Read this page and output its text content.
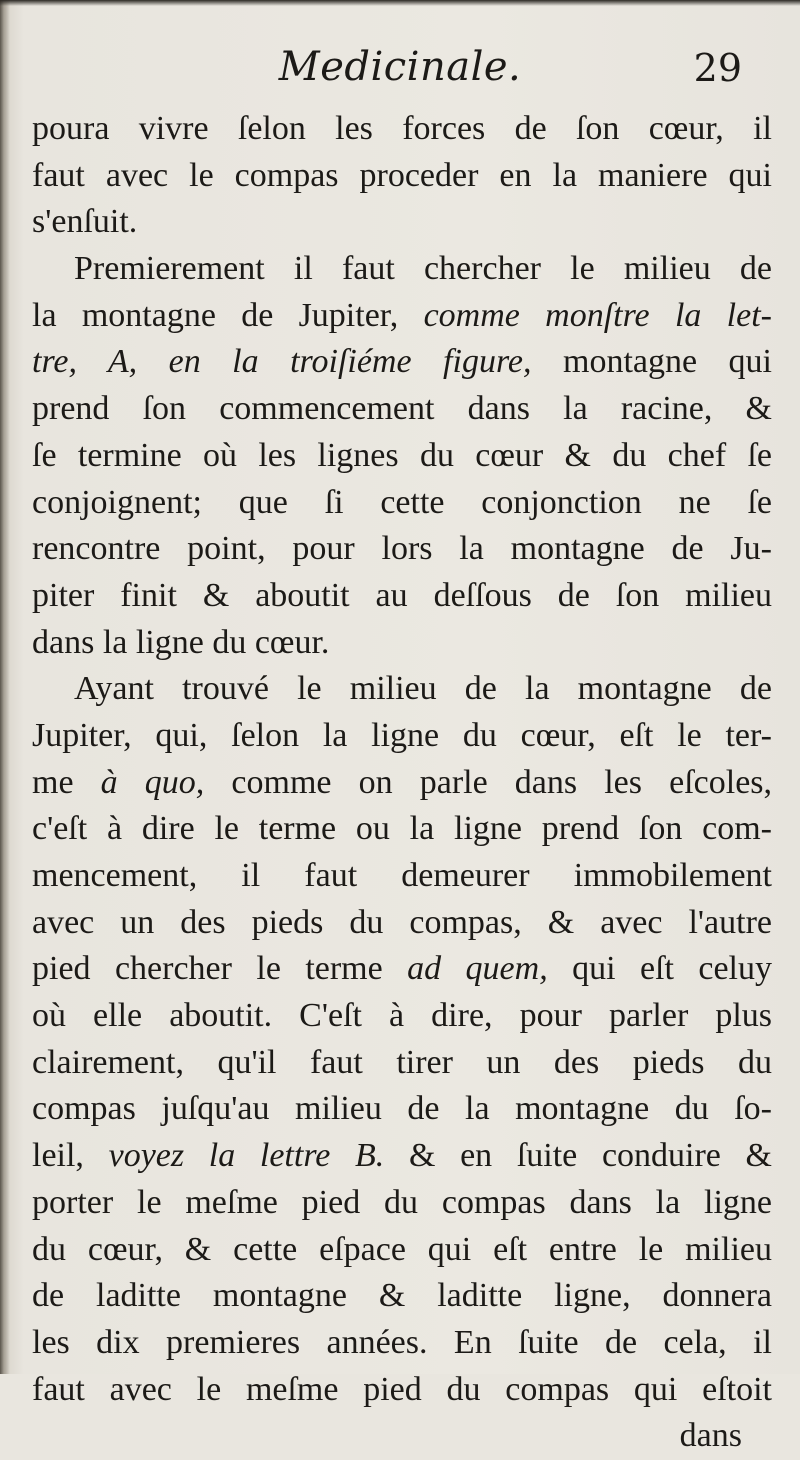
Medicinale.	29
poura vivre ſelon les forces de ſon cœur, il
faut avec le compas proceder en la maniere qui
s'enſuit.
Premierement il faut chercher le milieu de
la montagne de Jupiter, comme monſtre la let-
tre, A, en la troiſiéme figure, montagne qui
prend ſon commencement dans la racine, &
ſe termine où les lignes du cœur & du chef ſe
conjoignent; que ſi cette conjonction ne ſe
rencontre point, pour lors la montagne de Ju-
piter finit & aboutit au deſſous de ſon milieu
dans la ligne du cœur.
Ayant trouvé le milieu de la montagne de
Jupiter, qui, ſelon la ligne du cœur, eſt le ter-
me à quo, comme on parle dans les eſcoles,
c'eſt à dire le terme ou la ligne prend ſon com-
mencement, il faut demeurer immobilement
avec un des pieds du compas, & avec l'autre
pied chercher le terme ad quem, qui eſt celuy
où elle aboutit. C'eſt à dire, pour parler plus
clairement, qu'il faut tirer un des pieds du
compas juſqu'au milieu de la montagne du ſo-
leil, voyez la lettre B. & en ſuite conduire &
porter le meſme pied du compas dans la ligne
du cœur, & cette eſpace qui eſt entre le milieu
de laditte montagne & laditte ligne, donnera
les dix premieres années. En ſuite de cela, il
faut avec le meſme pied du compas qui eſtoit
dans
